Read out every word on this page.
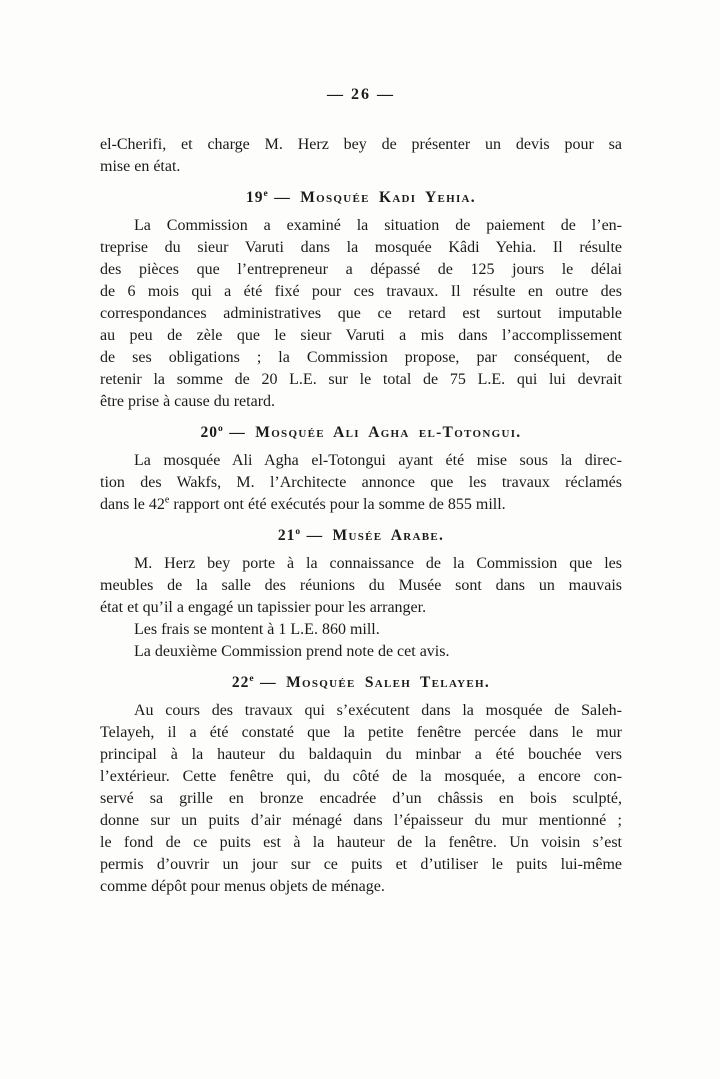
— 26 —

el-Cherifi, et charge M. Herz bey de présenter un devis pour sa
mise en état.

19e — Mosquée Kadi Yehia.

La Commission a examiné la situation de paiement de l’en-
treprise du sieur Varuti dans la mosquée Kâdi Yehia. Il résulte
des pièces que l’entrepreneur a dépassé de 125 jours le délai
de 6 mois qui a été fixé pour ces travaux. Il résulte en outre des
correspondances administratives que ce retard est surtout imputable
au peu de zèle que le sieur Varuti a mis dans l’accomplissement
de ses obligations ; la Commission propose, par conséquent, de
retenir la somme de 20 L.E. sur le total de 75 L.E. qui lui devrait
être prise à cause du retard.

20$^o$ — Mosquée Ali Agha el-Totongui.

La mosquée Ali Agha el-Totongui ayant été mise sous la direc-
tion des Wakfs, M. l’Architecte annonce que les travaux réclamés
dans le 42e rapport ont été exécutés pour la somme de 855 mill.

21$^o$ — Musée Arabe.

M. Herz bey porte à la connaissance de la Commission que les
meubles de la salle des réunions du Musée sont dans un mauvais
état et qu’il a engagé un tapissier pour les arranger.

Les frais se montent à 1 L.E. 860 mill.

La deuxième Commission prend note de cet avis.

22e — Mosquée Saleh Telayeh.

Au cours des travaux qui s’exécutent dans la mosquée de Saleh-
Telayeh, il a été constaté que la petite fenêtre percée dans le mur
principal à la hauteur du baldaquin du minbar a été bouchée vers
l’extérieur. Cette fenêtre qui, du côté de la mosquée, a encore con-
servé sa grille en bronze encadrée d’un châssis en bois sculpté,
donne sur un puits d’air ménagé dans l’épaisseur du mur mentionné ;
le fond de ce puits est à la hauteur de la fenêtre. Un voisin s’est
permis d’ouvrir un jour sur ce puits et d’utiliser le puits lui-même
comme dépôt pour menus objets de ménage.
